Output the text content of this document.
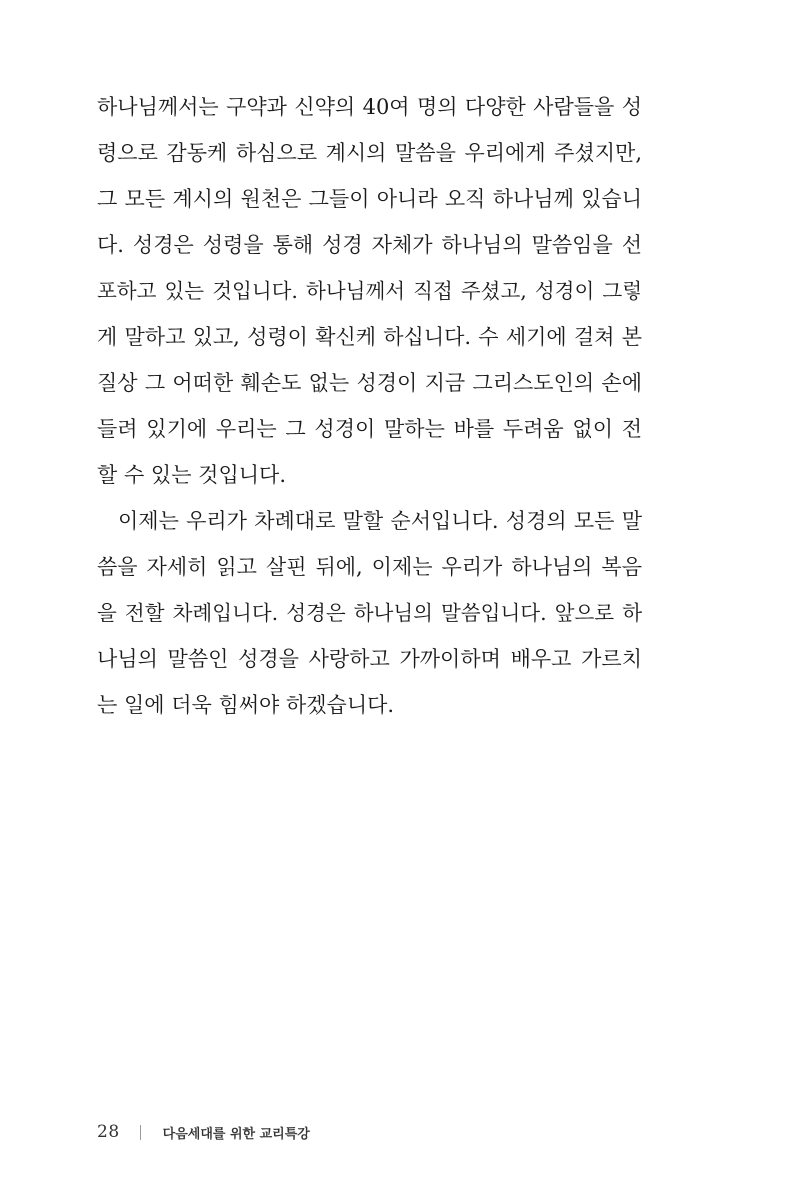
하나님께서는 구약과 신약의 40여 명의 다양한 사람들을 성
령으로 감동케 하심으로 계시의 말씀을 우리에게 주셨지만,
그 모든 계시의 원천은 그들이 아니라 오직 하나님께 있습니
다. 성경은 성령을 통해 성경 자체가 하나님의 말씀임을 선
포하고 있는 것입니다. 하나님께서 직접 주셨고, 성경이 그렇
게 말하고 있고, 성령이 확신케 하십니다. 수 세기에 걸쳐 본
질상 그 어떠한 훼손도 없는 성경이 지금 그리스도인의 손에
들려 있기에 우리는 그 성경이 말하는 바를 두려움 없이 전
할 수 있는 것입니다.
이제는 우리가 차례대로 말할 순서입니다. 성경의 모든 말
씀을 자세히 읽고 살핀 뒤에, 이제는 우리가 하나님의 복음
을 전할 차례입니다. 성경은 하나님의 말씀입니다. 앞으로 하
나님의 말씀인 성경을 사랑하고 가까이하며 배우고 가르치
는 일에 더욱 힘써야 하겠습니다.
28	다음세대를 위한 교리특강
